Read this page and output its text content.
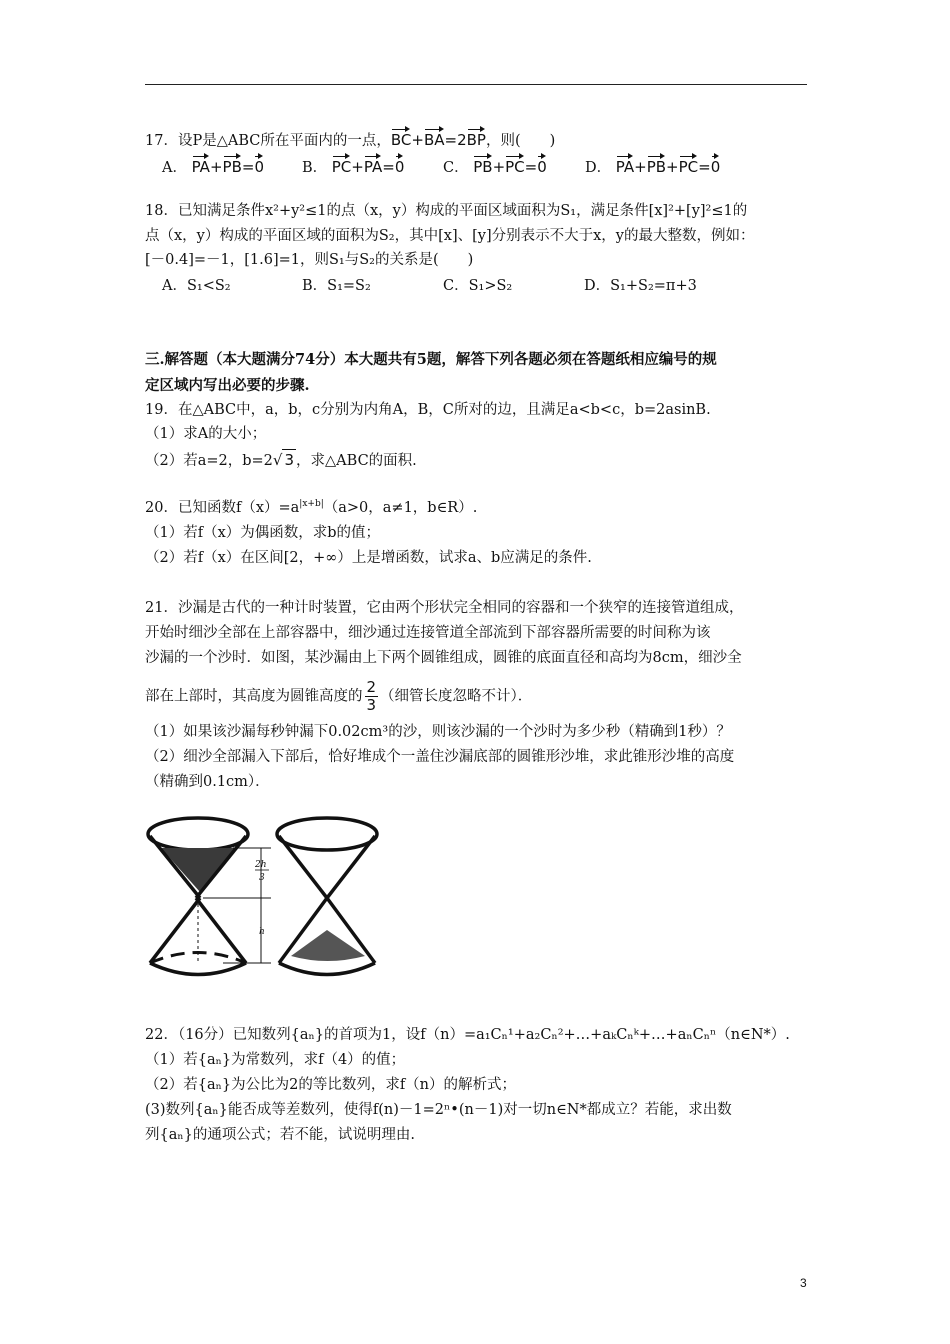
17．设P是△ABC所在平面内的一点，BC+BA=2BP，则(　　)
A． PA+PB=0	B． PC+PA=0	C． PB+PC=0	D． PA+PB+PC=0
18．已知满足条件x²+y²≤1的点（x，y）构成的平面区域面积为S₁，满足条件[x]²+[y]²≤1的
点（x，y）构成的平面区域的面积为S₂，其中[x]、[y]分别表示不大于x，y的最大整数，例如：
[－0.4]=－1，[1.6]=1，则S₁与S₂的关系是(　　)
A．S₁<S₂	B．S₁=S₂	C．S₁>S₂	D．S₁+S₂=π+3
三.解答题（本大题满分74分）本大题共有5题，解答下列各题必须在答题纸相应编号的规
定区域内写出必要的步骤.
19．在△ABC中，a，b，c分别为内角A，B，C所对的边，且满足a<b<c，b=2asinB.
（1）求A的大小；
（2）若a=2，b=2√ 3 ，求△ABC的面积.
20．已知函数$f(x)=a^{|x+b|}(a>0$，a≠1，b∈R）.
（1）若f（x）为偶函数，求b的值；
（2）若f（x）在区间[2，+∞）上是增函数，试求a、b应满足的条件.
21．沙漏是古代的一种计时装置，它由两个形状完全相同的容器和一个狭窄的连接管道组成，
开始时细沙全部在上部容器中，细沙通过连接管道全部流到下部容器所需要的时间称为该
沙漏的一个沙时．如图，某沙漏由上下两个圆锥组成，圆锥的底面直径和高均为8cm，细沙全
部在上部时，其高度为圆锥高度的 $\frac{2}{3}$ （细管长度忽略不计）．
（1）如果该沙漏每秒钟漏下0.02cm³的沙，则该沙漏的一个沙时为多少秒（精确到1秒）？
（2）细沙全部漏入下部后，恰好堆成个一盖住沙漏底部的圆锥形沙堆，求此锥形沙堆的高度
（精确到0.1cm）．
2h
3
h
22．（16分）已知数列{aₙ}的首项为1，设f（n）=a₁Cₙ¹+a₂Cₙ²+…+aₖCₙᵏ+…+aₙCₙⁿ（n∈N*）.
（1）若{aₙ}为常数列，求f（4）的值；
（2）若{aₙ}为公比为2的等比数列，求f（n）的解析式；
(3)数列{aₙ}能否成等差数列，使得f(n)－1=2ⁿ•(n－1)对一切n∈N*都成立？若能，求出数
列{aₙ}的通项公式；若不能，试说明理由.
3
